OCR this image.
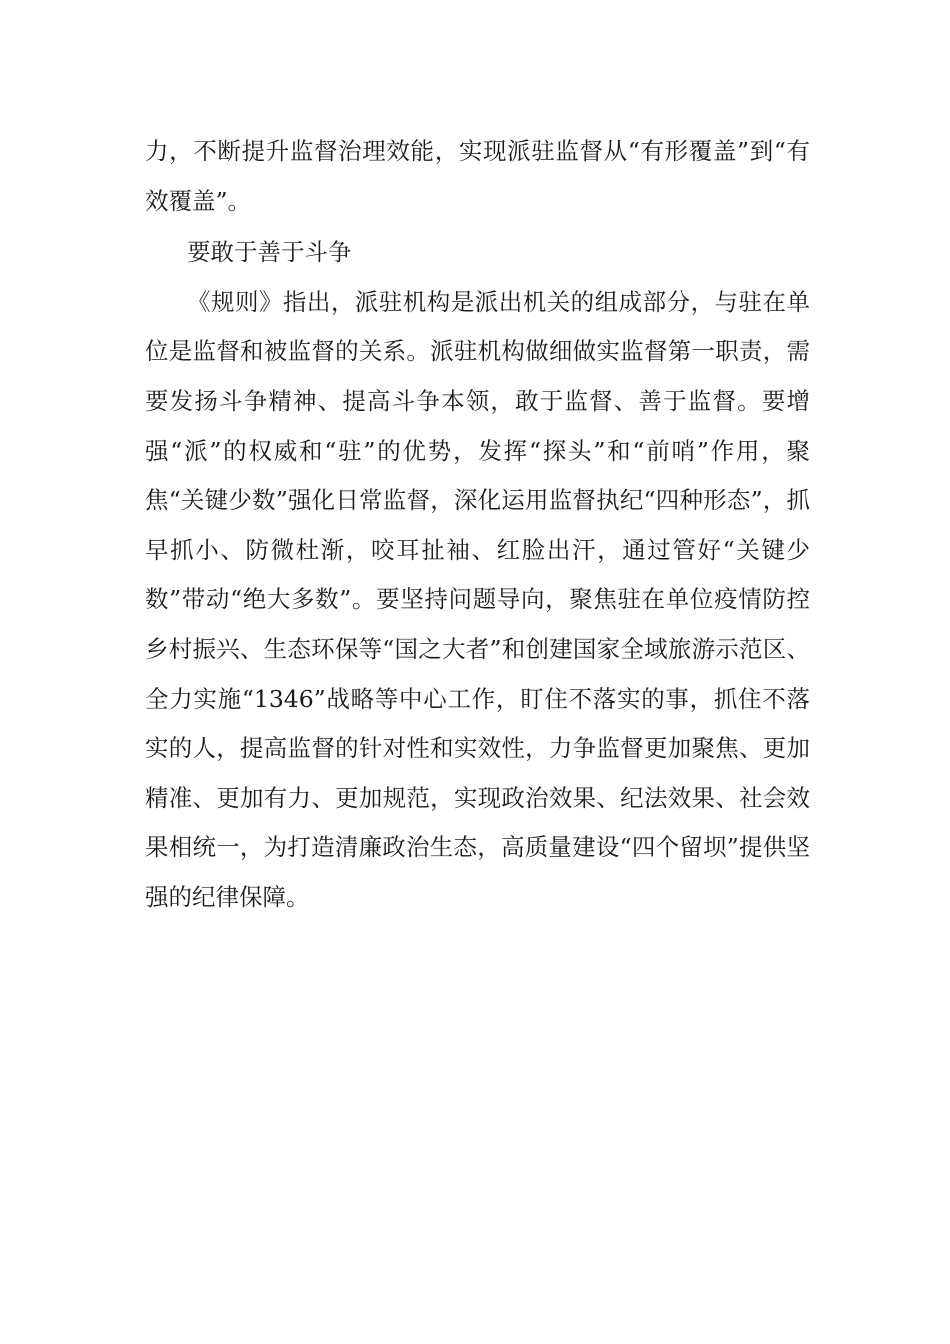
力，不断提升监督治理效能，实现派驻监督从“有形覆盖”到“有效覆盖”。

要敢于善于斗争

《规则》指出，派驻机构是派出机关的组成部分，与驻在单位是监督和被监督的关系。派驻机构做细做实监督第一职责，需要发扬斗争精神、提高斗争本领，敢于监督、善于监督。要增强“派”的权威和“驻”的优势，发挥“探头”和“前哨”作用，聚焦“关键少数”强化日常监督，深化运用监督执纪“四种形态”，抓早抓小、防微杜渐，咬耳扯袖、红脸出汗，通过管好“关键少数”带动“绝大多数”。要坚持问题导向，聚焦驻在单位疫情防控乡村振兴、生态环保等“国之大者”和创建国家全域旅游示范区、全力实施“1346”战略等中心工作，盯住不落实的事，抓住不落实的人，提高监督的针对性和实效性，力争监督更加聚焦、更加精准、更加有力、更加规范，实现政治效果、纪法效果、社会效果相统一，为打造清廉政治生态，高质量建设“四个留坝”提供坚强的纪律保障。
